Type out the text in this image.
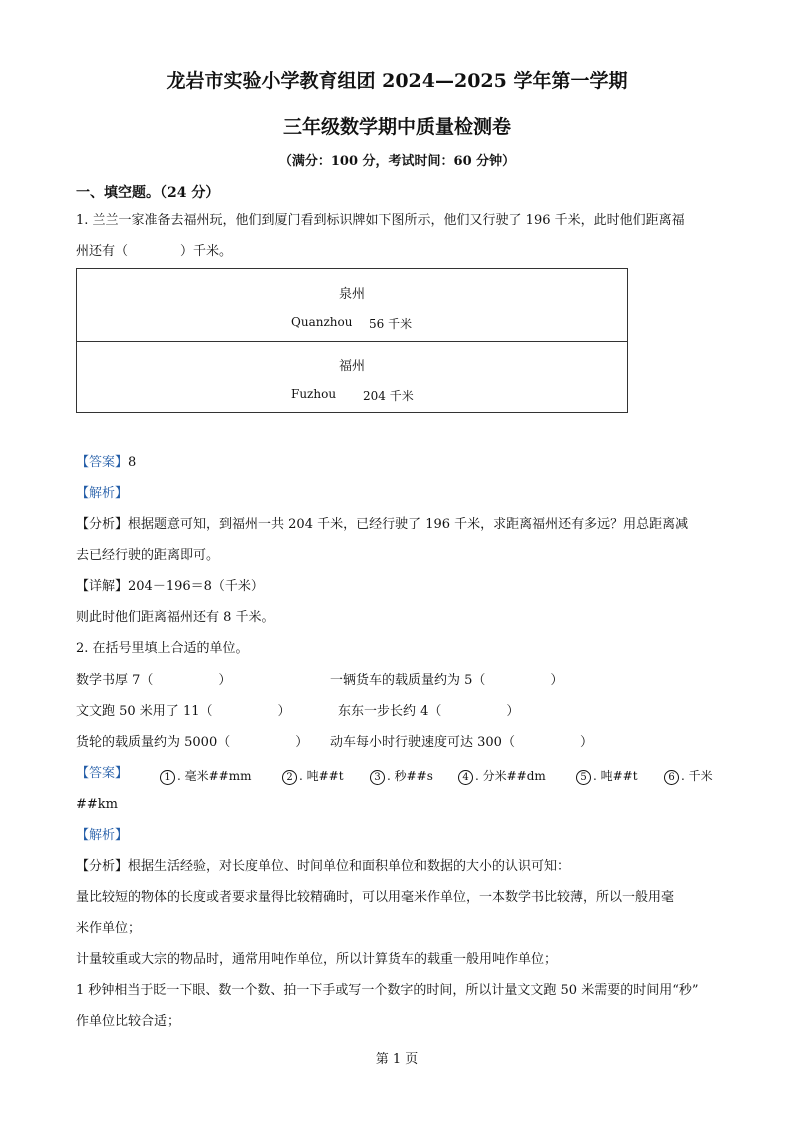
龙岩市实验小学教育组团 2024—2025 学年第一学期
三年级数学期中质量检测卷
（满分：100 分，考试时间：60 分钟）
一、填空题。（24 分）
1. 兰兰一家准备去福州玩，他们到厦门看到标识牌如下图所示，他们又行驶了 196 千米，此时他们距离福
州还有（　　　　）千米。
泉州
Quanzhou 56 千米
福州
Fuzhou 204 千米
【答案】8
【解析】
【分析】根据题意可知，到福州一共 204 千米，已经行驶了 196 千米，求距离福州还有多远？用总距离减
去已经行驶的距离即可。
【详解】204－196＝8（千米）
则此时他们距离福州还有 8 千米。
2. 在括号里填上合适的单位。
数学书厚 7（　　　　　）	一辆货车的载质量约为 5（　　　　　）
文文跑 50 米用了 11（　　　　　）	东东一步长约 4（　　　　　）
货轮的载质量约为 5000（　　　　　） 动车每小时行驶速度可达 300（　　　　　）
【答案】	1 . 毫米##mm	2 . 吨##t	3 . 秒##s	4 . 分米##dm	5 . 吨##t	6 . 千米
##km
【解析】
【分析】根据生活经验，对长度单位、时间单位和面积单位和数据的大小的认识可知：
量比较短的物体的长度或者要求量得比较精确时，可以用毫米作单位，一本数学书比较薄，所以一般用毫
米作单位；
计量较重或大宗的物品时，通常用吨作单位，所以计算货车的载重一般用吨作单位；
1 秒钟相当于眨一下眼、数一个数、拍一下手或写一个数字的时间，所以计量文文跑 50 米需要的时间用“秒”
作单位比较合适；
第 1 页
